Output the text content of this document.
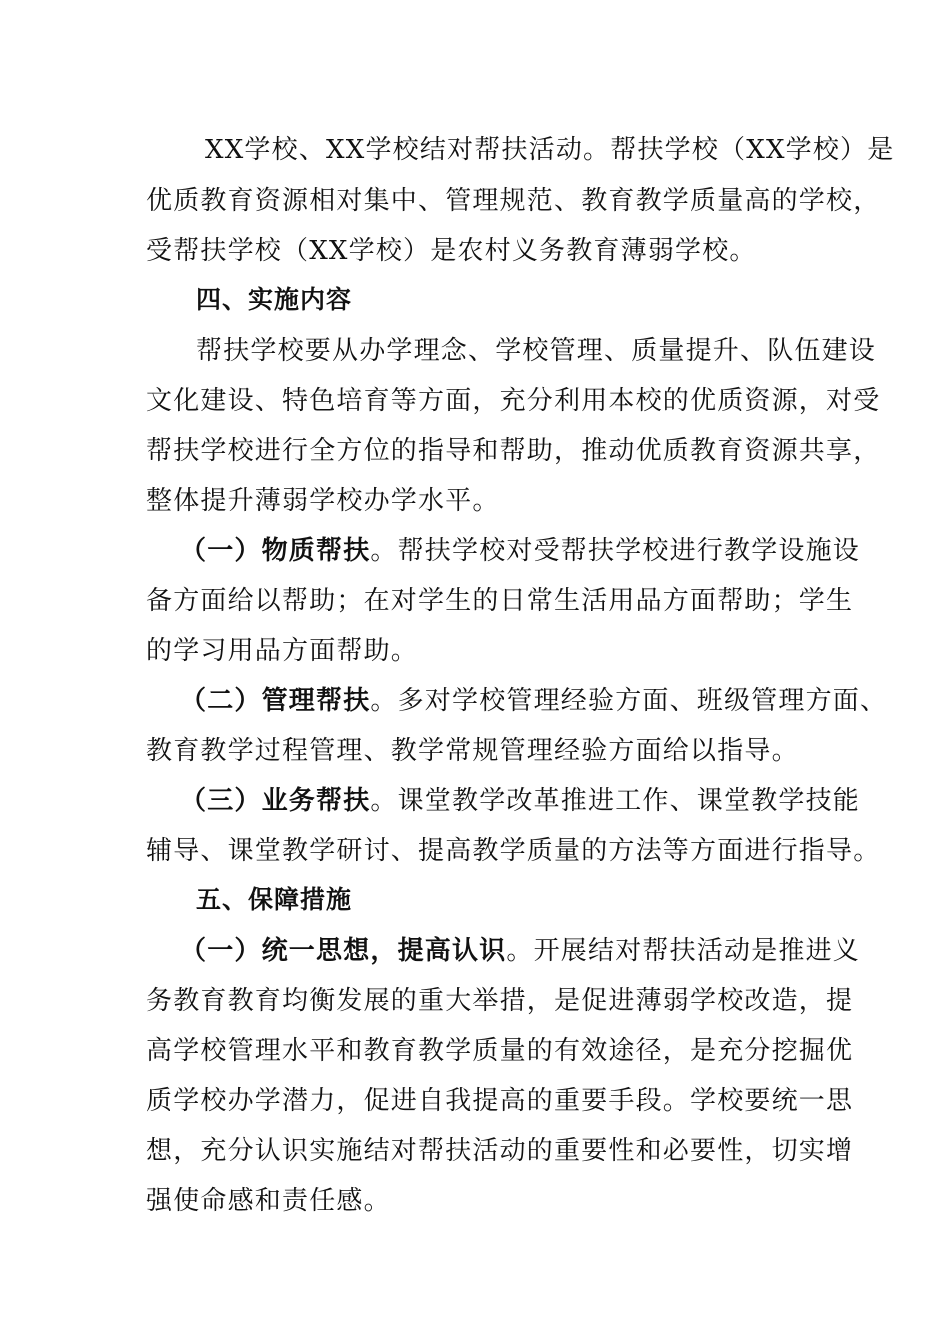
XX学校、XX学校结对帮扶活动。帮扶学校（XX学校）是
优质教育资源相对集中、管理规范、教育教学质量高的学校，
受帮扶学校（XX学校）是农村义务教育薄弱学校。
四、实施内容
帮扶学校要从办学理念、学校管理、质量提升、队伍建设
文化建设、特色培育等方面，充分利用本校的优质资源，对受
帮扶学校进行全方位的指导和帮助，推动优质教育资源共享，
整体提升薄弱学校办学水平。
（一）物质帮扶。帮扶学校对受帮扶学校进行教学设施设
备方面给以帮助；在对学生的日常生活用品方面帮助；学生
的学习用品方面帮助。
（二）管理帮扶。多对学校管理经验方面、班级管理方面、
教育教学过程管理、教学常规管理经验方面给以指导。
（三）业务帮扶。课堂教学改革推进工作、课堂教学技能
辅导、课堂教学研讨、提高教学质量的方法等方面进行指导。
五、保障措施
（一）统一思想，提高认识。开展结对帮扶活动是推进义
务教育教育均衡发展的重大举措，是促进薄弱学校改造，提
高学校管理水平和教育教学质量的有效途径，是充分挖掘优
质学校办学潜力，促进自我提高的重要手段。学校要统一思
想，充分认识实施结对帮扶活动的重要性和必要性，切实增
强使命感和责任感。
